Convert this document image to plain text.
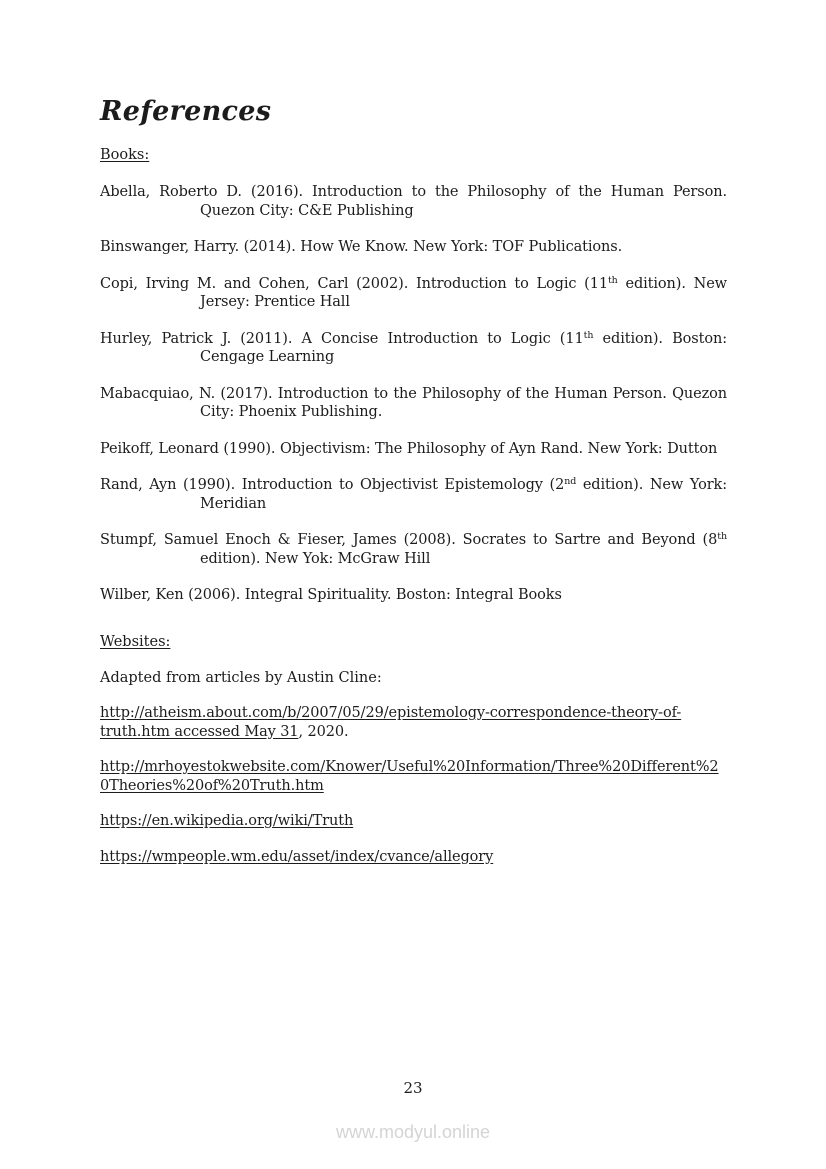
References
Books:

Abella, Roberto D. (2016). Introduction to the Philosophy of the Human Person. Quezon City: C&E Publishing

Binswanger, Harry. (2014). How We Know. New York: TOF Publications.

Copi, Irving M. and Cohen, Carl (2002). Introduction to Logic (11th edition). New Jersey: Prentice Hall

Hurley, Patrick J. (2011). A Concise Introduction to Logic (11th edition). Boston: Cengage Learning

Mabacquiao, N. (2017). Introduction to the Philosophy of the Human Person. Quezon City: Phoenix Publishing.

Peikoff, Leonard (1990). Objectivism: The Philosophy of Ayn Rand. New York: Dutton

Rand, Ayn (1990). Introduction to Objectivist Epistemology (2nd edition). New York: Meridian

Stumpf, Samuel Enoch & Fieser, James (2008). Socrates to Sartre and Beyond (8th edition). New Yok: McGraw Hill

Wilber, Ken (2006). Integral Spirituality. Boston: Integral Books

Websites:

Adapted from articles by Austin Cline:

http://atheism.about.com/b/2007/05/29/epistemology-correspondence-theory-of-truth.htm accessed May 31, 2020.

http://mrhoyestokwebsite.com/Knower/Useful%20Information/Three%20Different%20Theories%20of%20Truth.htm

https://en.wikipedia.org/wiki/Truth

https://wmpeople.wm.edu/asset/index/cvance/allegory

23
www.modyul.online
